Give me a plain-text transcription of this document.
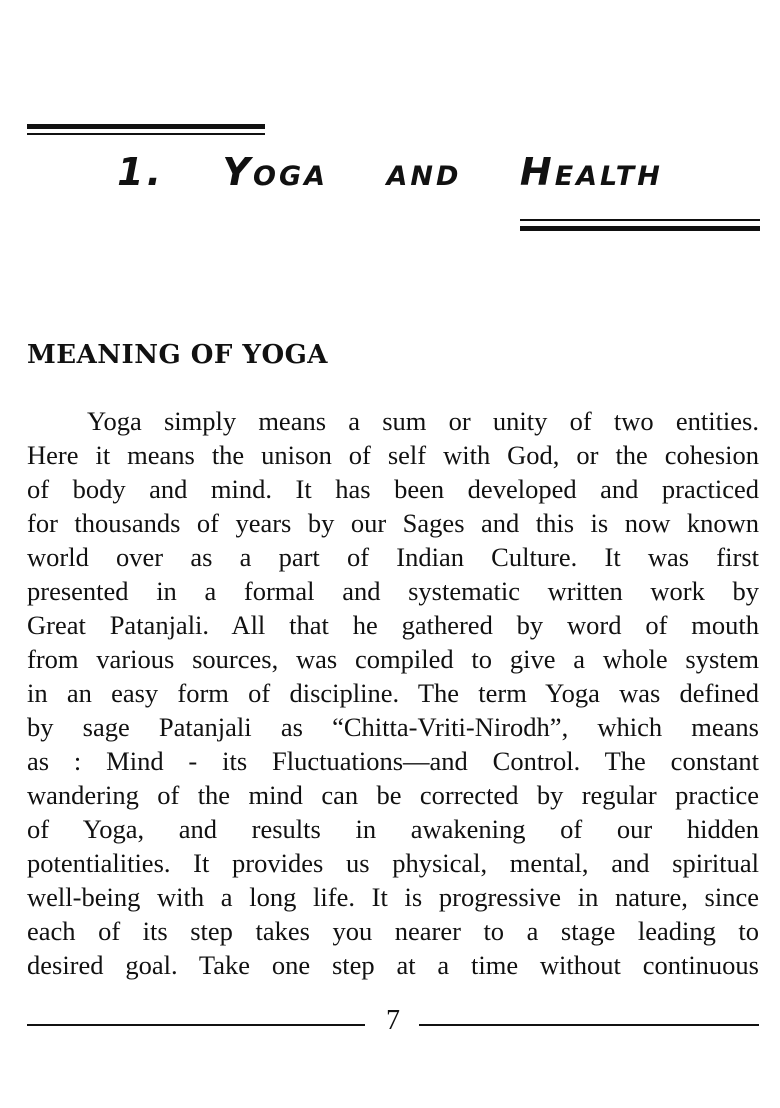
1. Yoga and Health
MEANING OF YOGA
Yoga simply means a sum or unity of two entities.
Here it means the unison of self with God, or the cohesion
of body and mind. It has been developed and practiced
for thousands of years by our Sages and this is now known
world over as a part of Indian Culture. It was first
presented in a formal and systematic written work by
Great Patanjali. All that he gathered by word of mouth
from various sources, was compiled to give a whole system
in an easy form of discipline. The term Yoga was defined
by sage Patanjali as “Chitta-Vriti-Nirodh”, which means
as : Mind - its Fluctuations—and Control. The constant
wandering of the mind can be corrected by regular practice
of Yoga, and results in awakening of our hidden
potentialities. It provides us physical, mental, and spiritual
well-being with a long life. It is progressive in nature, since
each of its step takes you nearer to a stage leading to
desired goal. Take one step at a time without continuous
7
